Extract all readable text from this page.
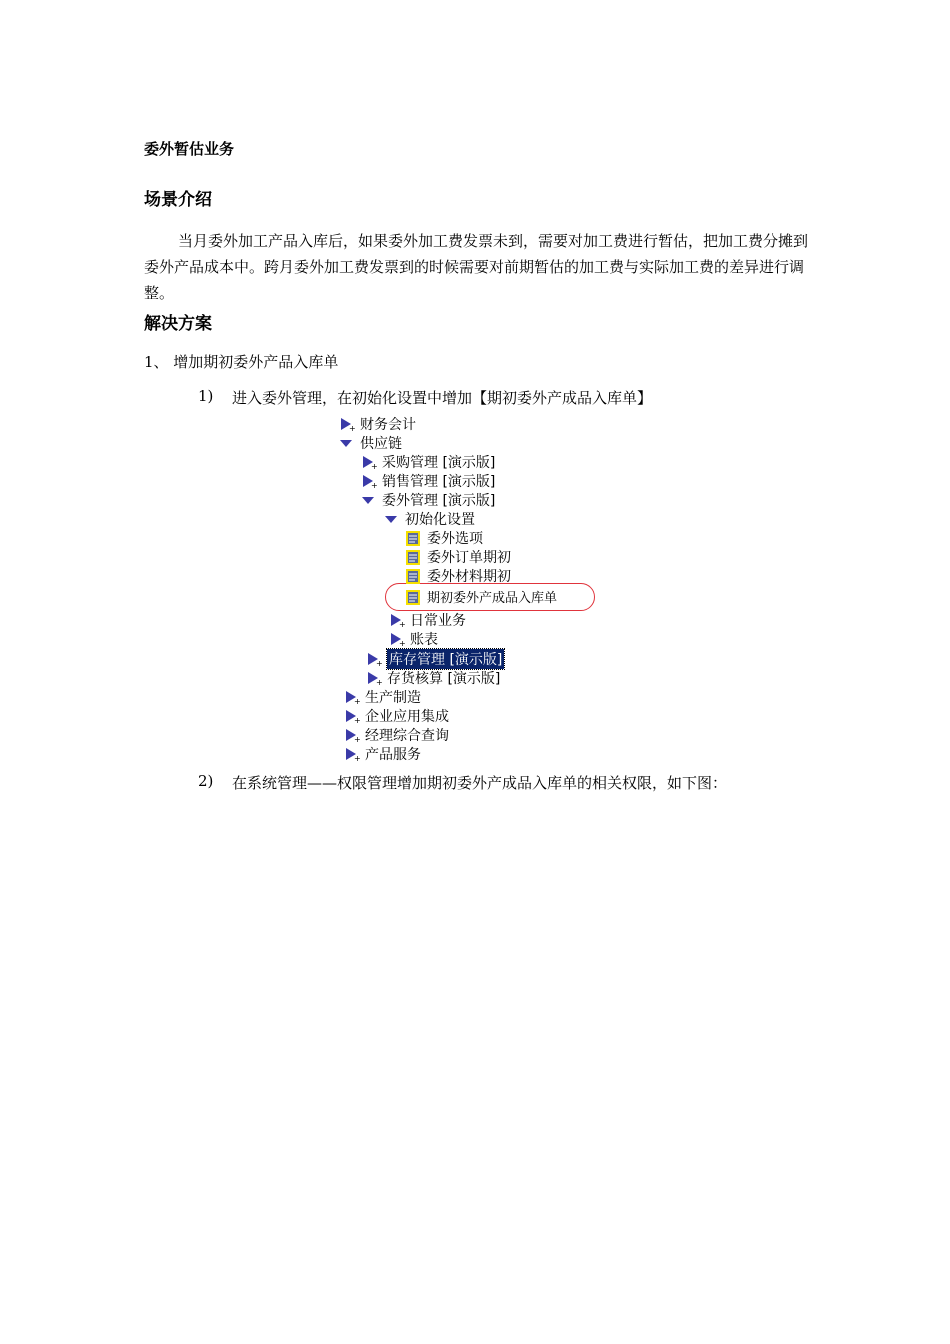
委外暂估业务
场景介绍
当月委外加工产品入库后，如果委外加工费发票未到，需要对加工费进行暂估，把加工费分摊到委外产品成本中。跨月委外加工费发票到的时候需要对前期暂估的加工费与实际加工费的差异进行调整。
解决方案
1、 增加期初委外产品入库单
1) 进入委外管理，在初始化设置中增加【期初委外产成品入库单】
+ 财务会计
供应链
+ 采购管理 [演示版]
+ 销售管理 [演示版]
委外管理 [演示版]
初始化设置
委外选项
委外订单期初
委外材料期初
期初委外产成品入库单
+ 日常业务
+ 账表
+ 库存管理 [演示版]
+ 存货核算 [演示版]
+ 生产制造
+ 企业应用集成
+ 经理综合查询
+ 产品服务
2) 在系统管理——权限管理增加期初委外产成品入库单的相关权限，如下图：
